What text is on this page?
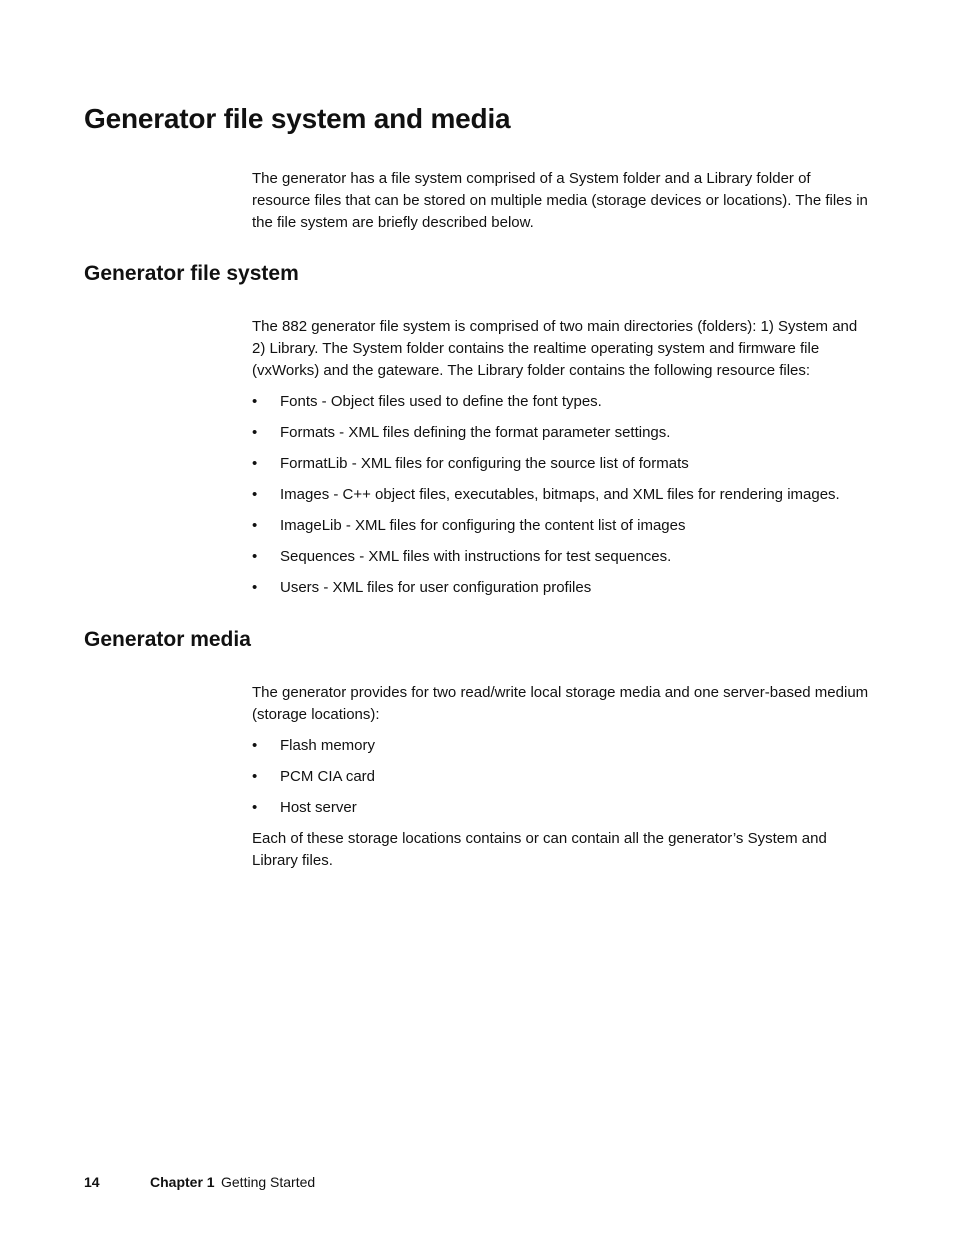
Generator file system and media

The generator has a file system comprised of a System folder and a Library folder of resource files that can be stored on multiple media (storage devices or locations). The files in the file system are briefly described below.

Generator file system

The 882 generator file system is comprised of two main directories (folders): 1) System and 2) Library. The System folder contains the realtime operating system and firmware file (vxWorks) and the gateware. The Library folder contains the following resource files:

• Fonts - Object files used to define the font types.
• Formats - XML files defining the format parameter settings.
• FormatLib - XML files for configuring the source list of formats
• Images - C++ object files, executables, bitmaps, and XML files for rendering images.
• ImageLib - XML files for configuring the content list of images
• Sequences - XML files with instructions for test sequences.
• Users - XML files for user configuration profiles
Generator media

The generator provides for two read/write local storage media and one server-based medium (storage locations):

• Flash memory
• PCM CIA card
• Host server

Each of these storage locations contains or can contain all the generator’s System and Library files.

14	Chapter 1 Getting Started
